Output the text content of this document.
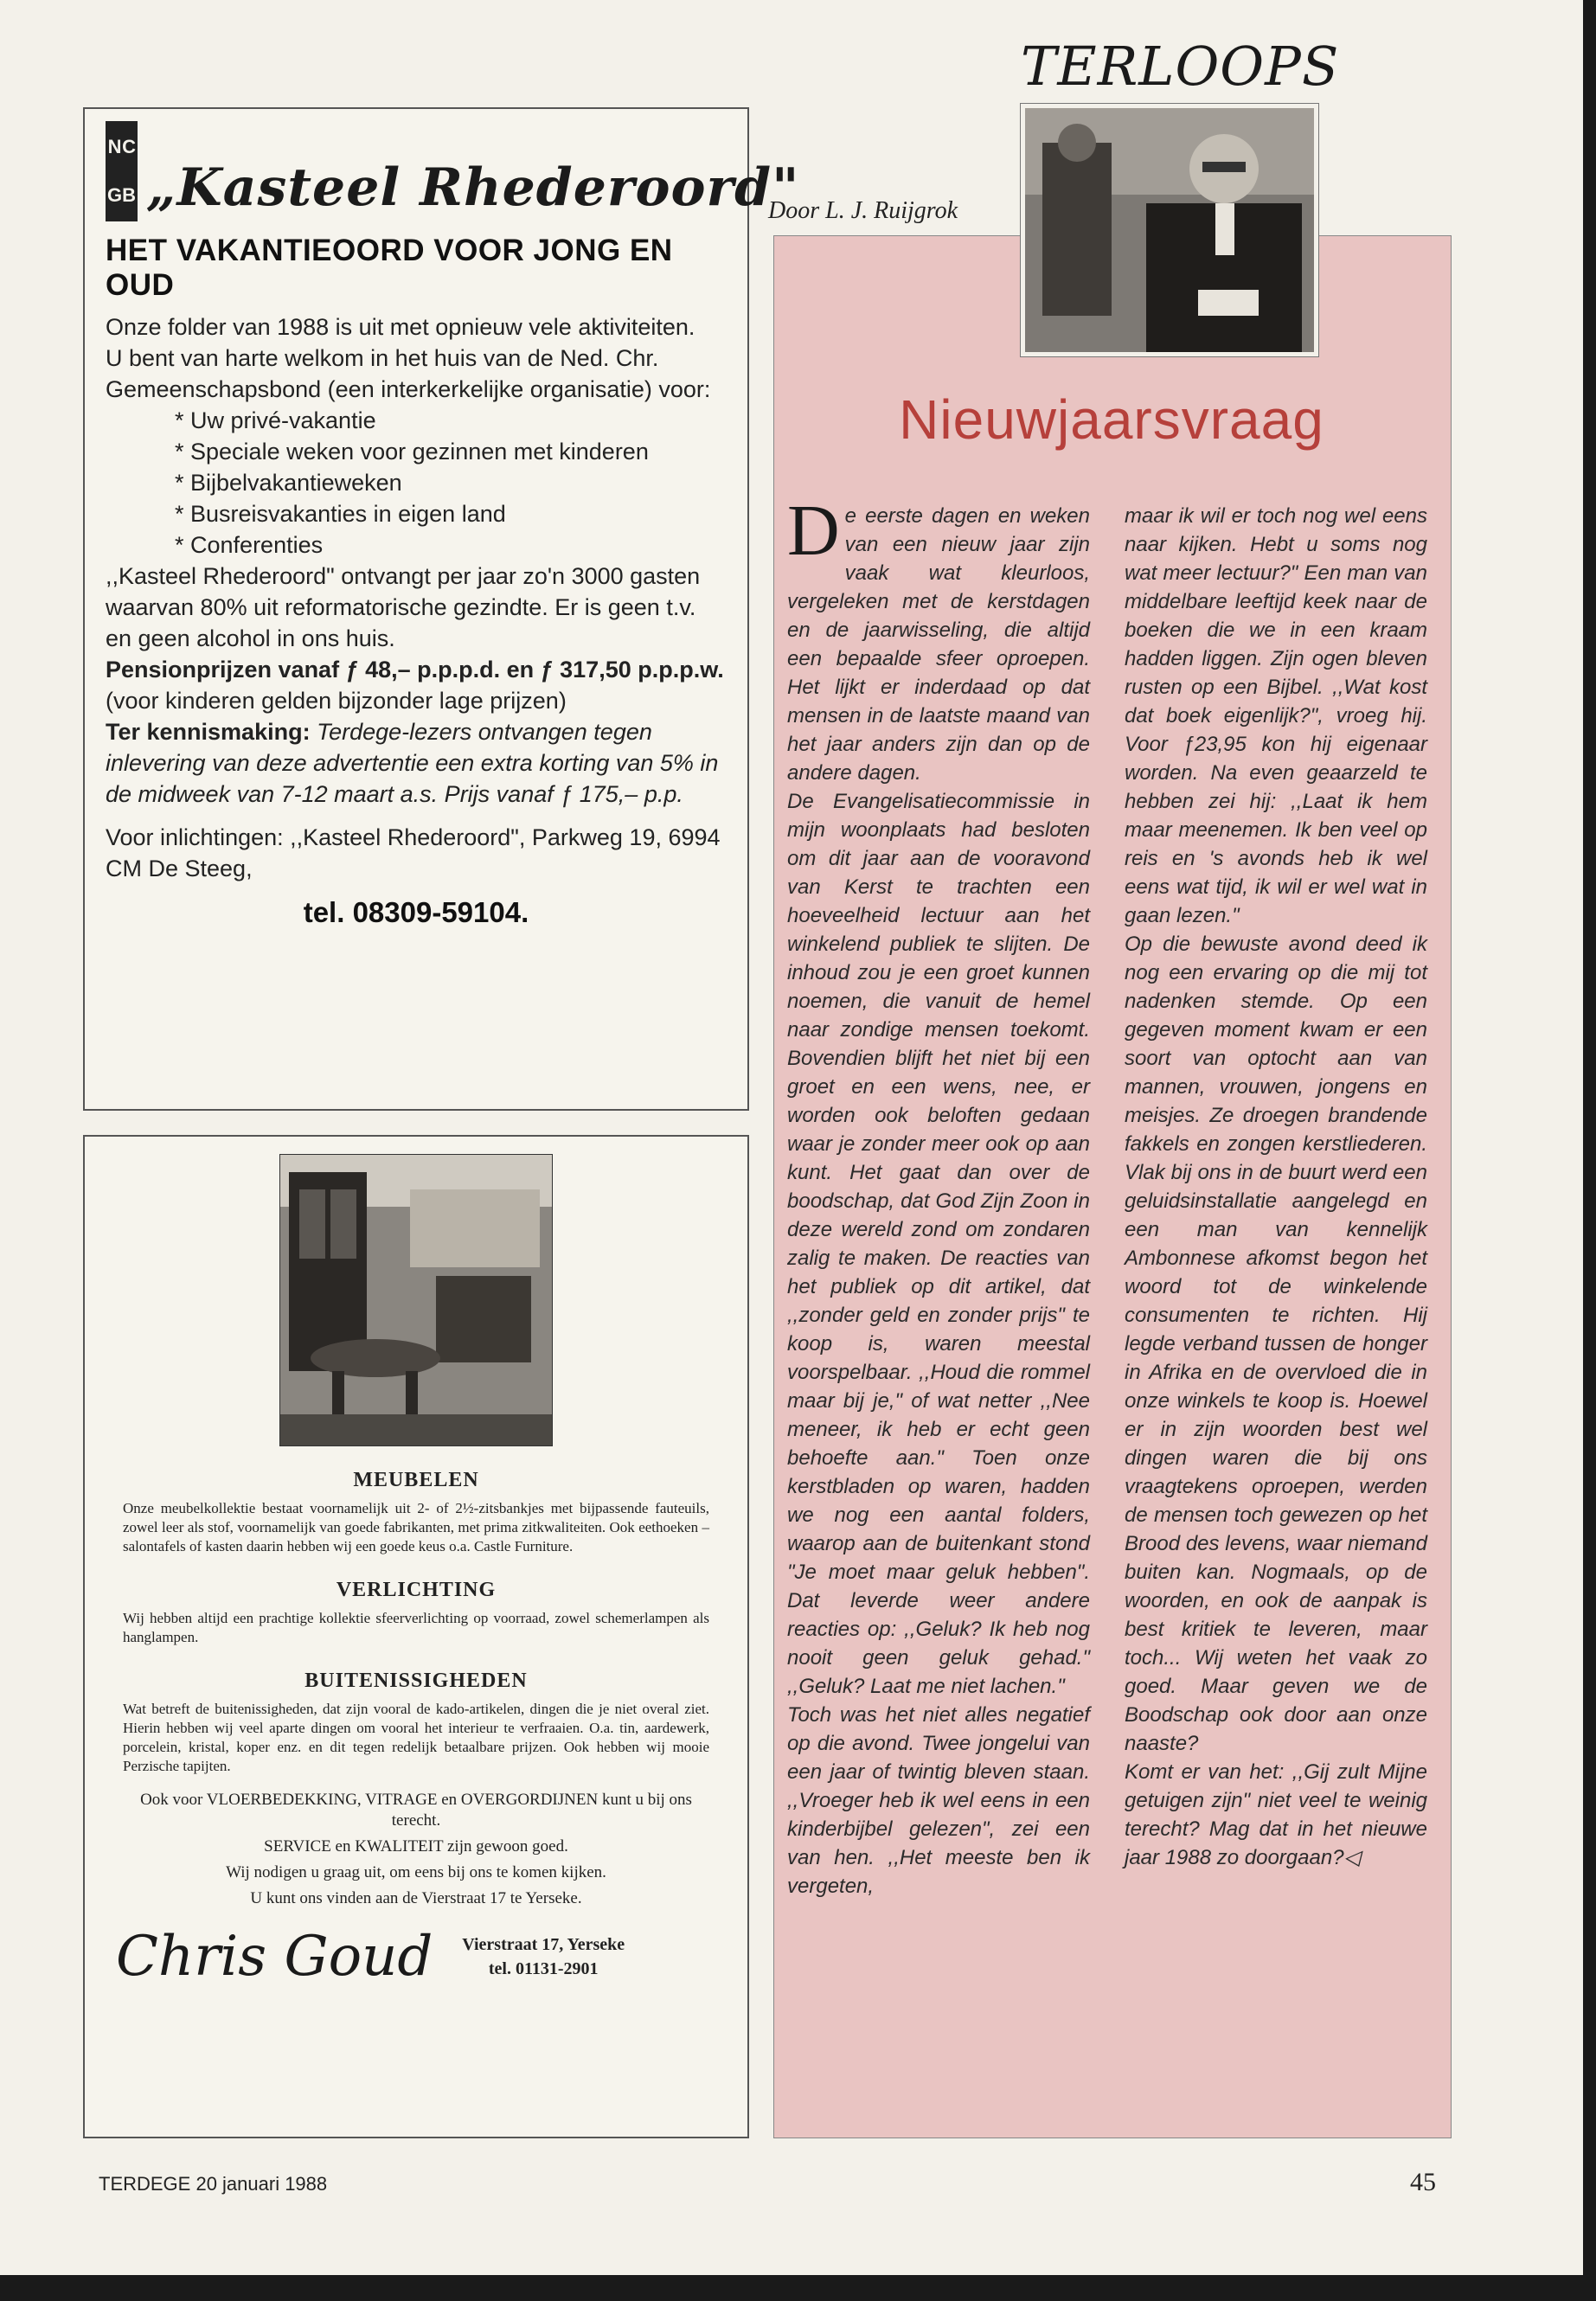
TERLOOPS
N C
G B „Kasteel Rhederoord"
HET VAKANTIEOORD VOOR JONG EN OUD

Onze folder van 1988 is uit met opnieuw vele aktiviteiten.

U bent van harte welkom in het huis van de Ned. Chr. Gemeenschapsbond (een interkerkelijke organisatie) voor:

* Uw privé-vakantie
* Speciale weken voor gezinnen met kinderen
* Bijbelvakantieweken
* Busreisvakanties in eigen land
* Conferenties

,,Kasteel Rhederoord" ontvangt per jaar zo'n 3000 gasten waarvan 80% uit reformatorische gezindte. Er is geen t.v. en geen alcohol in ons huis.

Pensionprijzen vanaf ƒ 48,– p.p.p.d. en ƒ 317,50 p.p.p.w.

(voor kinderen gelden bijzonder lage prijzen)

Ter kennismaking: Terdege-lezers ontvangen tegen inlevering van deze advertentie een extra korting van 5% in de midweek van 7-12 maart a.s. Prijs vanaf ƒ 175,– p.p.

Voor inlichtingen: ,,Kasteel Rhederoord", Parkweg 19, 6994 CM De Steeg,

tel. 08309-59104.
MEUBELEN

Onze meubelkollektie bestaat voornamelijk uit 2- of 2½-zitsbankjes met bijpassende fauteuils, zowel leer als stof, voornamelijk van goede fabrikanten, met prima zitkwaliteiten. Ook eethoeken – salontafels of kasten daarin hebben wij een goede keus o.a. Castle Furniture.

VERLICHTING

Wij hebben altijd een prachtige kollektie sfeerverlichting op voorraad, zowel schemerlampen als hanglampen.

BUITENISSIGHEDEN

Wat betreft de buitenissigheden, dat zijn vooral de kado-artikelen, dingen die je niet overal ziet. Hierin hebben wij veel aparte dingen om vooral het interieur te verfraaien. O.a. tin, aardewerk, porcelein, kristal, koper enz. en dit tegen redelijk betaalbare prijzen. Ook hebben wij mooie Perzische tapijten.

Ook voor VLOERBEDEKKING, VITRAGE en OVERGORDIJNEN kunt u bij ons terecht.

SERVICE en KWALITEIT zijn gewoon goed.

Wij nodigen u graag uit, om eens bij ons te komen kijken.

U kunt ons vinden aan de Vierstraat 17 te Yerseke.

Chris Goud Vierstraat 17, Yerseke
tel. 01131-2901
Door L. J. Ruijgrok
Nieuwjaarsvraag

De eerste dagen en weken van een nieuw jaar zijn vaak wat kleurloos, vergeleken met de kerstdagen en de jaarwisseling, die altijd een bepaalde sfeer oproepen. Het lijkt er inderdaad op dat mensen in de laatste maand van het jaar anders zijn dan op de andere dagen.

De Evangelisatiecommissie in mijn woonplaats had besloten om dit jaar aan de vooravond van Kerst te trachten een hoeveelheid lectuur aan het winkelend publiek te slijten. De inhoud zou je een groet kunnen noemen, die vanuit de hemel naar zondige mensen toekomt. Bovendien blijft het niet bij een groet en een wens, nee, er worden ook beloften gedaan waar je zonder meer ook op aan kunt. Het gaat dan over de boodschap, dat God Zijn Zoon in deze wereld zond om zondaren zalig te maken. De reacties van het publiek op dit artikel, dat ,,zonder geld en zonder prijs" te koop is, waren meestal voorspelbaar. ,,Houd die rommel maar bij je," of wat netter ,,Nee meneer, ik heb er echt geen behoefte aan." Toen onze kerstbladen op waren, hadden we nog een aantal folders, waarop aan de buitenkant stond "Je moet maar geluk hebben". Dat leverde weer andere reacties op: ,,Geluk? Ik heb nog nooit geen geluk gehad." ,,Geluk? Laat me niet lachen."

Toch was het niet alles negatief op die avond. Twee jongelui van een jaar of twintig bleven staan. ,,Vroeger heb ik wel eens in een kinderbijbel gelezen", zei een van hen. ,,Het meeste ben ik vergeten,

maar ik wil er toch nog wel eens naar kijken. Hebt u soms nog wat meer lectuur?" Een man van middelbare leeftijd keek naar de boeken die we in een kraam hadden liggen. Zijn ogen bleven rusten op een Bijbel. ,,Wat kost dat boek eigenlijk?", vroeg hij. Voor ƒ23,95 kon hij eigenaar worden. Na even geaarzeld te hebben zei hij: ,,Laat ik hem maar meenemen. Ik ben veel op reis en 's avonds heb ik wel eens wat tijd, ik wil er wel wat in gaan lezen."

Op die bewuste avond deed ik nog een ervaring op die mij tot nadenken stemde. Op een gegeven moment kwam er een soort van optocht aan van mannen, vrouwen, jongens en meisjes. Ze droegen brandende fakkels en zongen kerstliederen. Vlak bij ons in de buurt werd een geluidsinstallatie aangelegd en een man van kennelijk Ambonnese afkomst begon het woord tot de winkelende consumenten te richten. Hij legde verband tussen de honger in Afrika en de overvloed die in onze winkels te koop is. Hoewel er in zijn woorden best wel dingen waren die bij ons vraagtekens oproepen, werden de mensen toch gewezen op het Brood des levens, waar niemand buiten kan. Nogmaals, op de woorden, en ook de aanpak is best kritiek te leveren, maar toch... Wij weten het vaak zo goed. Maar geven we de Boodschap ook door aan onze naaste?

Komt er van het: ,,Gij zult Mijne getuigen zijn" niet veel te weinig terecht? Mag dat in het nieuwe jaar 1988 zo doorgaan?◁

TERDEGE 20 januari 1988	45
